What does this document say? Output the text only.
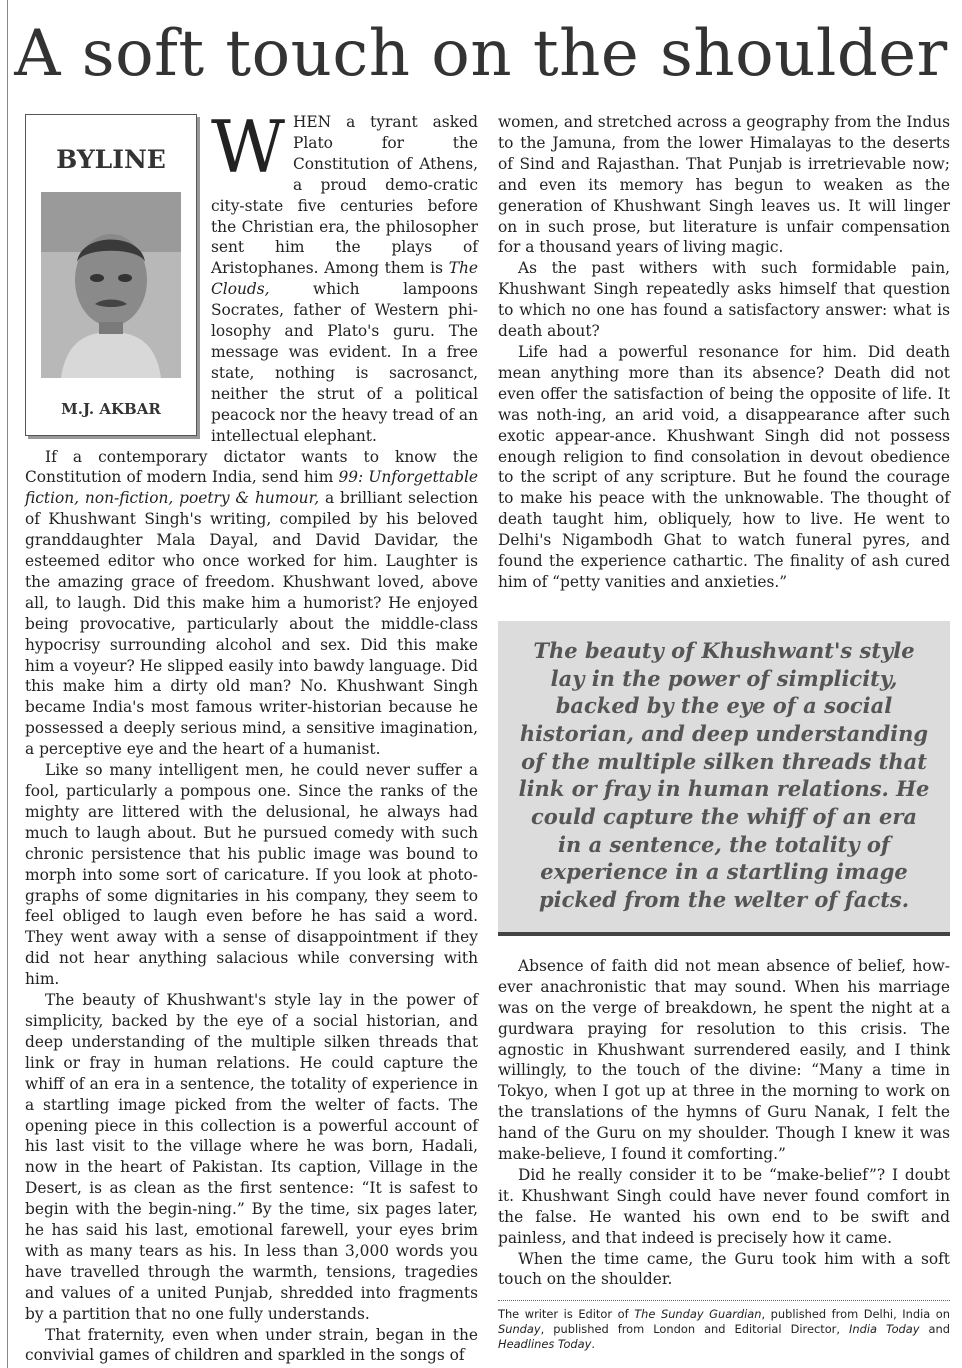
A soft touch on the shoulder
BYLINE
M.J. AKBAR

WHEN a tyrant asked Plato for the Constitution of Athens, a proud demo-cratic city-state five centuries before the Christian era, the philosopher sent him the plays of Aristophanes. Among them is The Clouds, which lampoons Socrates, father of Western phi-losophy and Plato's guru. The message was evident. In a free state, nothing is sacrosanct, neither the strut of a political peacock nor the heavy tread of an intellectual elephant.

If a contemporary dictator wants to know the Constitution of modern India, send him 99: Unforgettable fiction, non-fiction, poetry & humour, a brilliant selection of Khushwant Singh's writing, compiled by his beloved granddaughter Mala Dayal, and David Davidar, the esteemed editor who once worked for him. Laughter is the amazing grace of freedom. Khushwant loved, above all, to laugh. Did this make him a humorist? He enjoyed being provocative, particularly about the middle-class hypocrisy surrounding alcohol and sex. Did this make him a voyeur? He slipped easily into bawdy language. Did this make him a dirty old man? No. Khushwant Singh became India's most famous writer-historian because he possessed a deeply serious mind, a sensitive imagination, a perceptive eye and the heart of a humanist.

Like so many intelligent men, he could never suffer a fool, particularly a pompous one. Since the ranks of the mighty are littered with the delusional, he always had much to laugh about. But he pursued comedy with such chronic persistence that his public image was bound to morph into some sort of caricature. If you look at photo-graphs of some dignitaries in his company, they seem to feel obliged to laugh even before he has said a word. They went away with a sense of disappointment if they did not hear anything salacious while conversing with him.

The beauty of Khushwant's style lay in the power of simplicity, backed by the eye of a social historian, and deep understanding of the multiple silken threads that link or fray in human relations. He could capture the whiff of an era in a sentence, the totality of experience in a startling image picked from the welter of facts. The opening piece in this collection is a powerful account of his last visit to the village where he was born, Hadali, now in the heart of Pakistan. Its caption, Village in the Desert, is as clean as the first sentence: “It is safest to begin with the begin-ning.” By the time, six pages later, he has said his last, emotional farewell, your eyes brim with as many tears as his. In less than 3,000 words you have travelled through the warmth, tensions, tragedies and values of a united Punjab, shredded into fragments by a partition that no one fully understands.

That fraternity, even when under strain, began in the convivial games of children and sparkled in the songs of

women, and stretched across a geography from the Indus to the Jamuna, from the lower Himalayas to the deserts of Sind and Rajasthan. That Punjab is irretrievable now; and even its memory has begun to weaken as the generation of Khushwant Singh leaves us. It will linger on in such prose, but literature is unfair compensation for a thousand years of living magic.

As the past withers with such formidable pain, Khushwant Singh repeatedly asks himself that question to which no one has found a satisfactory answer: what is death about?

Life had a powerful resonance for him. Did death mean anything more than its absence? Death did not even offer the satisfaction of being the opposite of life. It was noth-ing, an arid void, a disappearance after such exotic appear-ance. Khushwant Singh did not possess enough religion to find consolation in devout obedience to the script of any scripture. But he found the courage to make his peace with the unknowable. The thought of death taught him, obliquely, how to live. He went to Delhi's Nigambodh Ghat to watch funeral pyres, and found the experience cathartic. The finality of ash cured him of “petty vanities and anxieties.”

The beauty of Khushwant's style lay in the power of simplicity, backed by the eye of a social historian, and deep understanding of the multiple silken threads that link or fray in human relations. He could capture the whiff of an era in a sentence, the totality of experience in a startling image picked from the welter of facts.

Absence of faith did not mean absence of belief, how-ever anachronistic that may sound. When his marriage was on the verge of breakdown, he spent the night at a gurdwara praying for resolution to this crisis. The agnostic in Khushwant surrendered easily, and I think willingly, to the touch of the divine: “Many a time in Tokyo, when I got up at three in the morning to work on the translations of the hymns of Guru Nanak, I felt the hand of the Guru on my shoulder. Though I knew it was make-believe, I found it comforting.”

Did he really consider it to be “make-belief”? I doubt it. Khushwant Singh could have never found comfort in the false. He wanted his own end to be swift and painless, and that indeed is precisely how it came.

When the time came, the Guru took him with a soft touch on the shoulder.

The writer is Editor of The Sunday Guardian, published from Delhi, India on Sunday, published from London and Editorial Director, India Today and Headlines Today.
